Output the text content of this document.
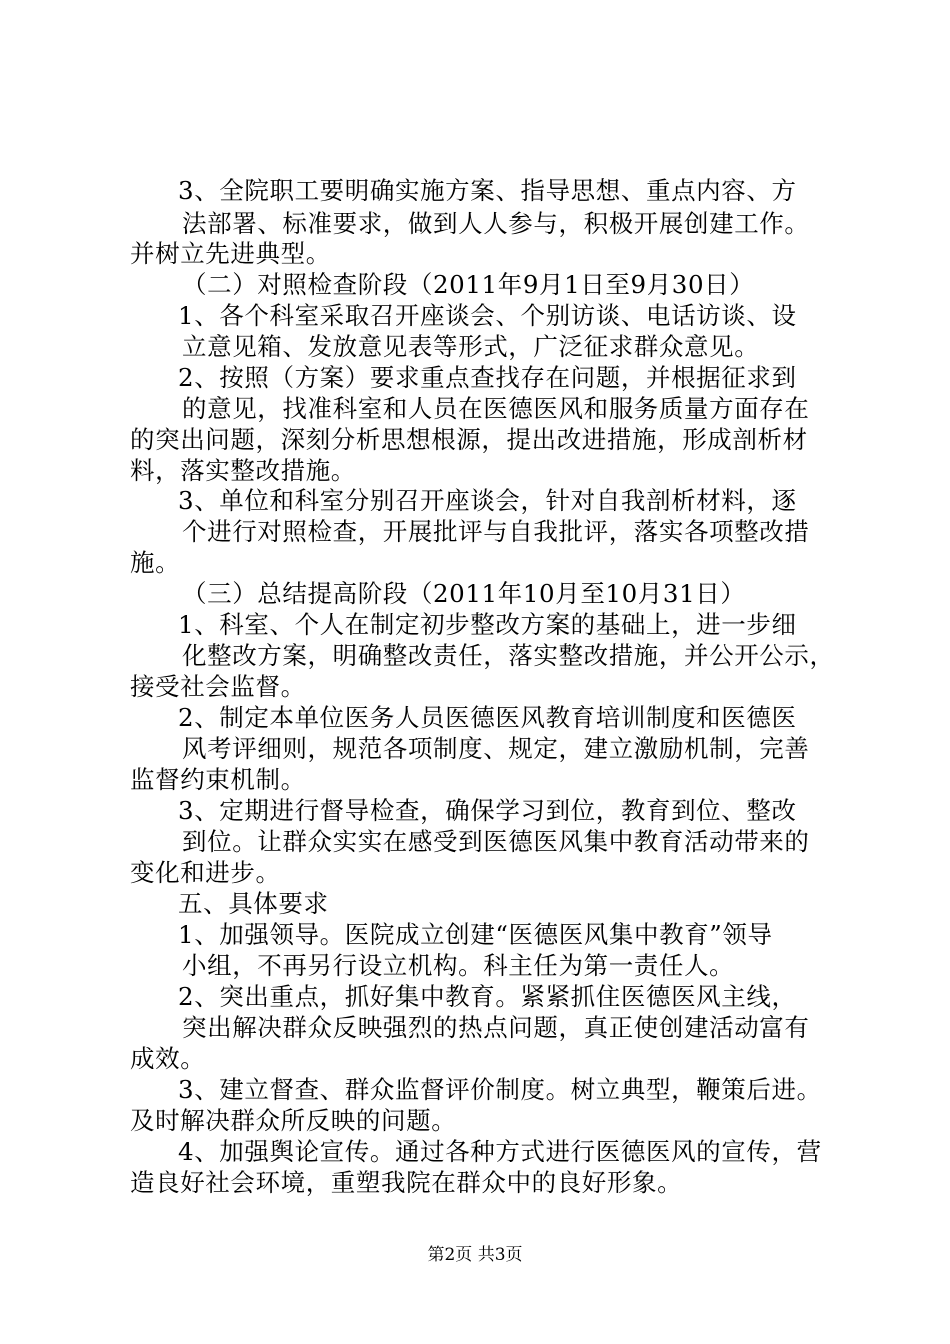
3、全院职工要明确实施方案、指导思想、重点内容、方
法部署、标准要求，做到人人参与，积极开展创建工作。
并树立先进典型。
（二）对照检查阶段（2011年9月1日至9月30日）
1、各个科室采取召开座谈会、个别访谈、电话访谈、设
立意见箱、发放意见表等形式，广泛征求群众意见。
2、按照（方案）要求重点查找存在问题，并根据征求到
的意见，找准科室和人员在医德医风和服务质量方面存在
的突出问题，深刻分析思想根源，提出改进措施，形成剖析材
料，落实整改措施。
3、单位和科室分别召开座谈会，针对自我剖析材料，逐
个进行对照检查，开展批评与自我批评，落实各项整改措
施。
（三）总结提高阶段（2011年10月至10月31日）
1、科室、个人在制定初步整改方案的基础上，进一步细
化整改方案，明确整改责任，落实整改措施，并公开公示，
接受社会监督。
2、制定本单位医务人员医德医风教育培训制度和医德医
风考评细则，规范各项制度、规定，建立激励机制，完善
监督约束机制。
3、定期进行督导检查，确保学习到位，教育到位、整改
到位。让群众实实在感受到医德医风集中教育活动带来的
变化和进步。
五、具体要求
1、加强领导。医院成立创建“医德医风集中教育”领导
小组，不再另行设立机构。科主任为第一责任人。
2、突出重点，抓好集中教育。紧紧抓住医德医风主线，
突出解决群众反映强烈的热点问题，真正使创建活动富有
成效。
3、建立督查、群众监督评价制度。树立典型，鞭策后进。
及时解决群众所反映的问题。
4、加强舆论宣传。通过各种方式进行医德医风的宣传，营
造良好社会环境，重塑我院在群众中的良好形象。
第2页 共3页
